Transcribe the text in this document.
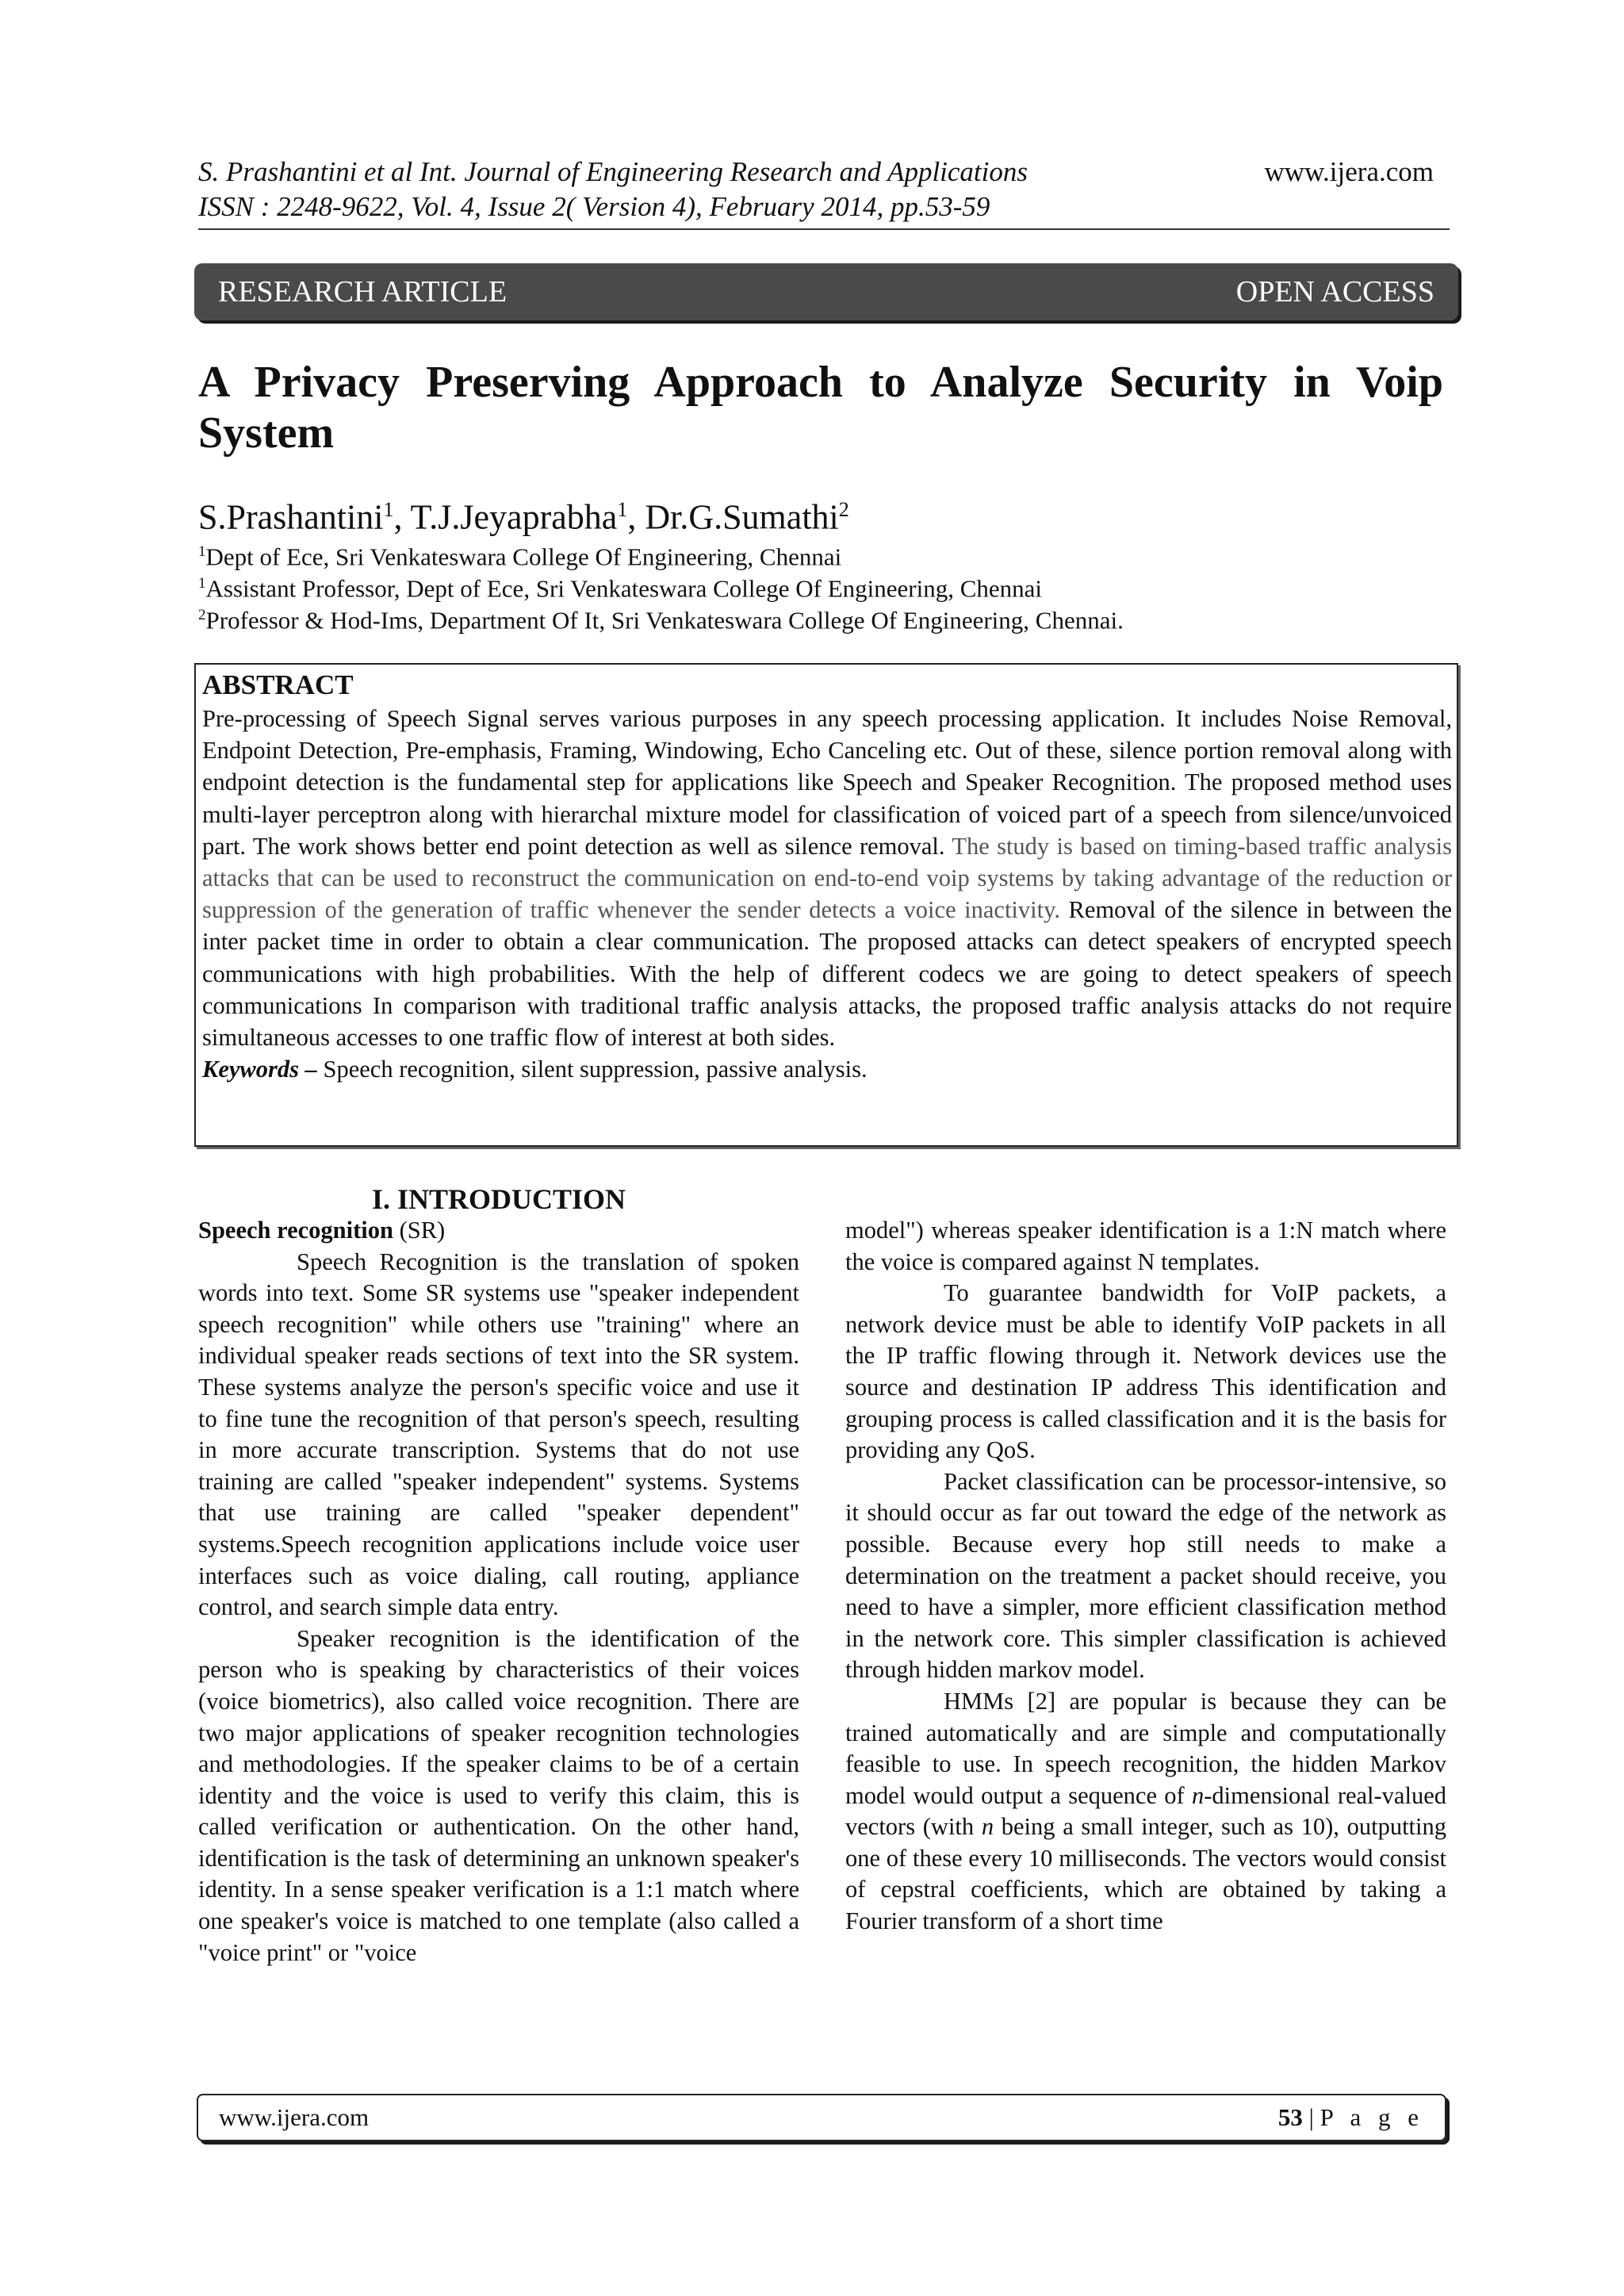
S. Prashantini et al Int. Journal of Engineering Research and Applications
ISSN : 2248-9622, Vol. 4, Issue 2( Version 4), February 2014, pp.53-59
www.ijera.com
RESEARCH ARTICLE	OPEN ACCESS
A Privacy Preserving Approach to Analyze Security in Voip
System
S.Prashantini$^1$, T.J.Jeyaprabha$^1$, Dr.G.Sumathi$^2$
$^1$Dept of Ece, Sri Venkateswara College Of Engineering, Chennai
$^1$Assistant Professor, Dept of Ece, Sri Venkateswara College Of Engineering, Chennai
$^2$Professor & Hod-Ims, Department Of It, Sri Venkateswara College Of Engineering, Chennai.
ABSTRACT
Pre-processing of Speech Signal serves various purposes in any speech processing application. It includes Noise Removal, Endpoint Detection, Pre-emphasis, Framing, Windowing, Echo Canceling etc. Out of these, silence portion removal along with endpoint detection is the fundamental step for applications like Speech and Speaker Recognition. The proposed method uses multi-layer perceptron along with hierarchal mixture model for classification of voiced part of a speech from silence/unvoiced part. The work shows better end point detection as well as silence removal. The study is based on timing-based traffic analysis attacks that can be used to reconstruct the communication on end-to-end voip systems by taking advantage of the reduction or suppression of the generation of traffic whenever the sender detects a voice inactivity. Removal of the silence in between the inter packet time in order to obtain a clear communication. The proposed attacks can detect speakers of encrypted speech communications with high probabilities. With the help of different codecs we are going to detect speakers of speech communications In comparison with traditional traffic analysis attacks, the proposed traffic analysis attacks do not require simultaneous accesses to one traffic flow of interest at both sides.
Keywords – Speech recognition, silent suppression, passive analysis.
I. INTRODUCTION

Speech recognition (SR)

Speech Recognition is the translation of spoken words into text. Some SR systems use "speaker independent speech recognition" while others use "training" where an individual speaker reads sections of text into the SR system. These systems analyze the person's specific voice and use it to fine tune the recognition of that person's speech, resulting in more accurate transcription. Systems that do not use training are called "speaker independent" systems. Systems that use training are called "speaker dependent" systems.Speech recognition applications include voice user interfaces such as voice dialing, call routing, appliance control, and search simple data entry.

Speaker recognition is the identification of the person who is speaking by characteristics of their voices (voice biometrics), also called voice recognition. There are two major applications of speaker recognition technologies and methodologies. If the speaker claims to be of a certain identity and the voice is used to verify this claim, this is called verification or authentication. On the other hand, identification is the task of determining an unknown speaker's identity. In a sense speaker verification is a 1:1 match where one speaker's voice is matched to one template (also called a "voice print" or "voice

model") whereas speaker identification is a 1:N match where the voice is compared against N templates.

To guarantee bandwidth for VoIP packets, a network device must be able to identify VoIP packets in all the IP traffic flowing through it. Network devices use the source and destination IP address This identification and grouping process is called classification and it is the basis for providing any QoS.

Packet classification can be processor-intensive, so it should occur as far out toward the edge of the network as possible. Because every hop still needs to make a determination on the treatment a packet should receive, you need to have a simpler, more efficient classification method in the network core. This simpler classification is achieved through hidden markov model.

HMMs [2] are popular is because they can be trained automatically and are simple and computationally feasible to use. In speech recognition, the hidden Markov model would output a sequence of n-dimensional real-valued vectors (with n being a small integer, such as 10), outputting one of these every 10 milliseconds. The vectors would consist of cepstral coefficients, which are obtained by taking a Fourier transform of a short time

www.ijera.com	53 | P a g e
